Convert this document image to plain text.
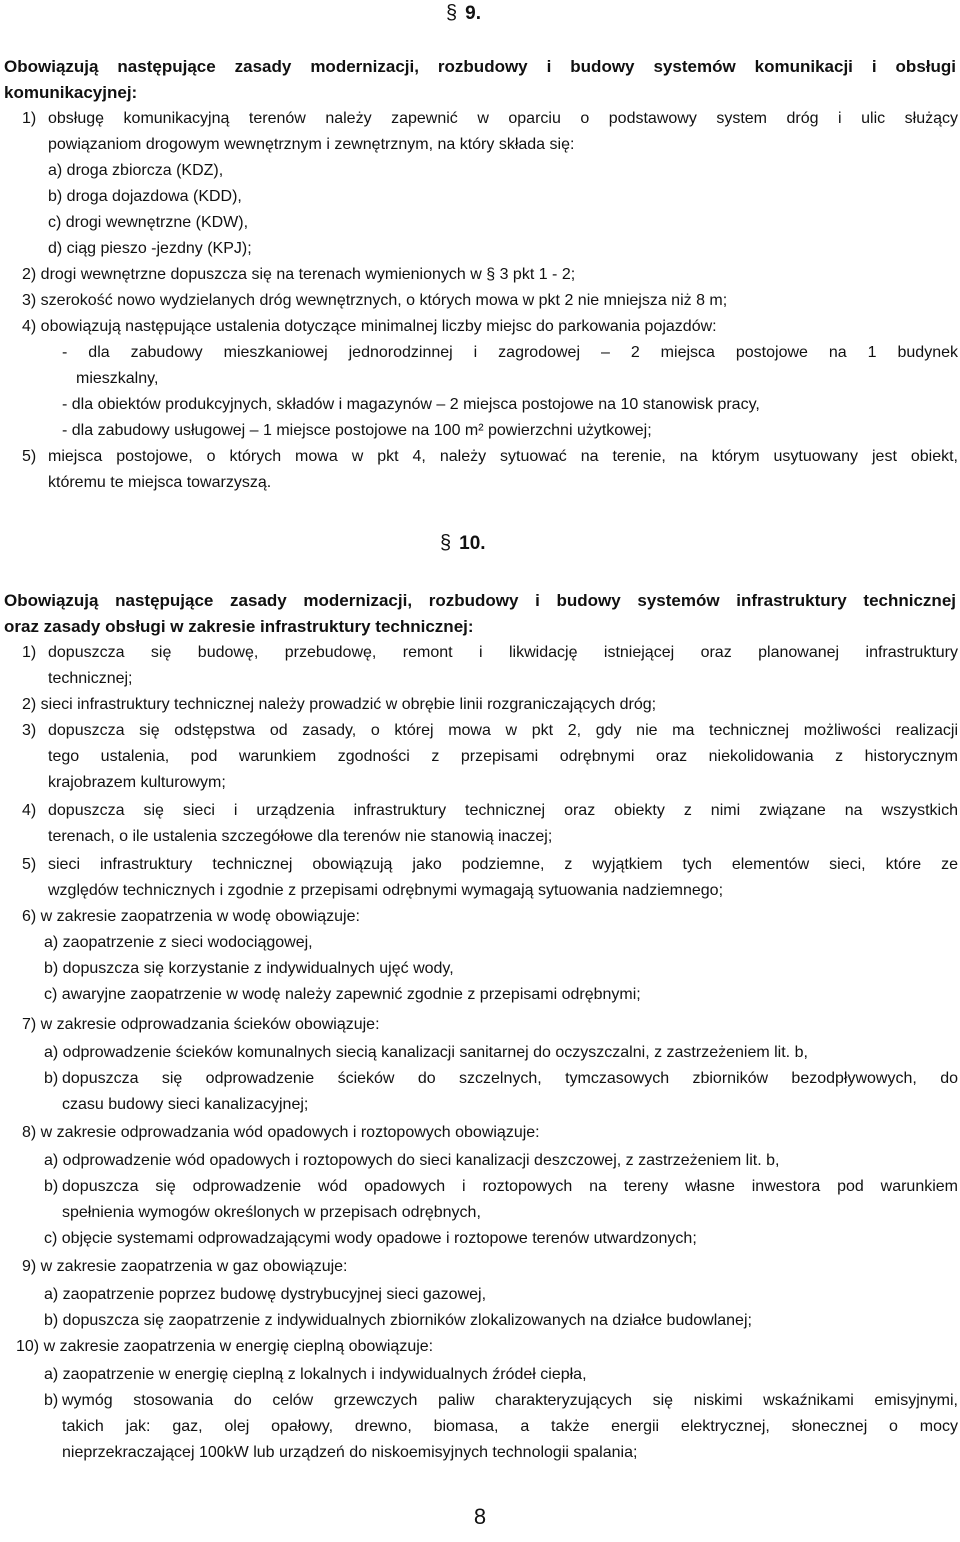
§ 9.
Obowiązują następujące zasady modernizacji, rozbudowy i budowy systemów komunikacji i obsługi
komunikacyjnej:
1) obsługę komunikacyjną terenów należy zapewnić w oparciu o podstawowy system dróg i ulic służący
powiązaniom drogowym wewnętrznym i zewnętrznym, na który składa się:
a) droga zbiorcza (KDZ),
b) droga dojazdowa (KDD),
c) drogi wewnętrzne (KDW),
d) ciąg pieszo -jezdny (KPJ);
2) drogi wewnętrzne dopuszcza się na terenach wymienionych w § 3 pkt 1 - 2;
3) szerokość nowo wydzielanych dróg wewnętrznych, o których mowa w pkt 2 nie mniejsza niż 8 m;
4) obowiązują następujące ustalenia dotyczące minimalnej liczby miejsc do parkowania pojazdów:
- dla zabudowy mieszkaniowej jednorodzinnej i zagrodowej – 2 miejsca postojowe na 1 budynek
mieszkalny,
- dla obiektów produkcyjnych, składów i magazynów – 2 miejsca postojowe na 10 stanowisk pracy,
- dla zabudowy usługowej – 1 miejsce postojowe na 100 m² powierzchni użytkowej;
5) miejsca postojowe, o których mowa w pkt 4, należy sytuować na terenie, na którym usytuowany jest obiekt,
któremu te miejsca towarzyszą.
§ 10.
Obowiązują następujące zasady modernizacji, rozbudowy i budowy systemów infrastruktury technicznej
oraz zasady obsługi w zakresie infrastruktury technicznej:
1) dopuszcza się budowę, przebudowę, remont i likwidację istniejącej oraz planowanej infrastruktury
technicznej;
2) sieci infrastruktury technicznej należy prowadzić w obrębie linii rozgraniczających dróg;
3) dopuszcza się odstępstwa od zasady, o której mowa w pkt 2, gdy nie ma technicznej możliwości realizacji
tego ustalenia, pod warunkiem zgodności z przepisami odrębnymi oraz niekolidowania z historycznym
krajobrazem kulturowym;
4) dopuszcza się sieci i urządzenia infrastruktury technicznej oraz obiekty z nimi związane na wszystkich
terenach, o ile ustalenia szczegółowe dla terenów nie stanowią inaczej;
5) sieci infrastruktury technicznej obowiązują jako podziemne, z wyjątkiem tych elementów sieci, które ze
względów technicznych i zgodnie z przepisami odrębnymi wymagają sytuowania nadziemnego;
6) w zakresie zaopatrzenia w wodę obowiązuje:
a) zaopatrzenie z sieci wodociągowej,
b) dopuszcza się korzystanie z indywidualnych ujęć wody,
c) awaryjne zaopatrzenie w wodę należy zapewnić zgodnie z przepisami odrębnymi;
7) w zakresie odprowadzania ścieków obowiązuje:
a) odprowadzenie ścieków komunalnych siecią kanalizacji sanitarnej do oczyszczalni, z zastrzeżeniem lit. b,
b) dopuszcza się odprowadzenie ścieków do szczelnych, tymczasowych zbiorników bezodpływowych, do
czasu budowy sieci kanalizacyjnej;
8) w zakresie odprowadzania wód opadowych i roztopowych obowiązuje:
a) odprowadzenie wód opadowych i roztopowych do sieci kanalizacji deszczowej, z zastrzeżeniem lit. b,
b) dopuszcza się odprowadzenie wód opadowych i roztopowych na tereny własne inwestora pod warunkiem
spełnienia wymogów określonych w przepisach odrębnych,
c) objęcie systemami odprowadzającymi wody opadowe i roztopowe terenów utwardzonych;
9) w zakresie zaopatrzenia w gaz obowiązuje:
a) zaopatrzenie poprzez budowę dystrybucyjnej sieci gazowej,
b) dopuszcza się zaopatrzenie z indywidualnych zbiorników zlokalizowanych na działce budowlanej;
10) w zakresie zaopatrzenia w energię cieplną obowiązuje:
a) zaopatrzenie w energię cieplną z lokalnych i indywidualnych źródeł ciepła,
b) wymóg stosowania do celów grzewczych paliw charakteryzujących się niskimi wskaźnikami emisyjnymi,
takich jak: gaz, olej opałowy, drewno, biomasa, a także energii elektrycznej, słonecznej o mocy
nieprzekraczającej 100kW lub urządzeń do niskoemisyjnych technologii spalania;
8
